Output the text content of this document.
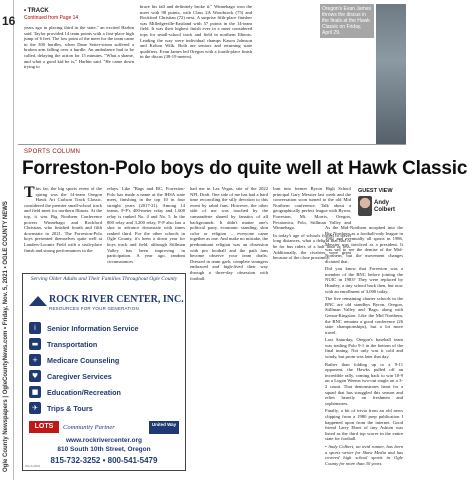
16
Ogle County Newspapers | OgleCountyNews.com • Friday, Nov. 5, 2021 • OGLE COUNTY NEWS
• TRACK
Continued from Page 14
years ago in placing third in the state," an excited Harbin said. Taylor provided 14 team points with a first-place high jump of 6 feet. The low point of the meet for the team came in the 300 hurdles, when Dane Setter-strom suffered a broken arm falling over a hurdle. An ambulance had to be called, delaying the action for 15 minutes. "What a shame, and what a good kid he is," Harbin said. "He came down trying to
brace his fall and definitely broke it." Winnebago won the meet with 98 points, with Class 2A Woodstock (75) and Rockford Christian (72) next. A surprise fifth-place finisher was Milledgeville-Eastland with 57 points in the 14-team field. It was their highest finish ever in a meet considered tops for small-school track and field in northern Illinois. Leading the way were individual champs Kason Johnson and Kolton Wilk. Both are seniors and returning state qualifiers. Evan James led Oregon with a fourth-place finish in the discus (38-19 meters).
Oregon's Evan James throws the discus in the finals at the Hawk Classic on Friday, April 29.
Carleen Hinkley / Shaw Media
SPORTS COLUMN
Forreston-Polo boys do quite well at Hawk Classic
This far, the big sports event of the spring was the 14-team Oregon Hawk Art Carlson Track Classic, considered the premier small-school track and field meet for northern Illinois. At the top, it was Big Northern Conference powers Winnebago and Rockford Christian, who finished fourth and fifth downstate in 2021. The Forreston-Polo boys presented themselves quite well at Landers-Loomis Field with a sixth-place finish and strong performances in the
relays. Like "Bags and BC, Forreston-Polo has made a name at the IHSA state meet, finishing in the top 10 in four straight years (2017-21). Among 14 teams, F-P's 400-meter relay and 1,600 relay is ranked No. 4 and No. 5. In the 800 relay and 3,200 relay, F-P also has a shot to advance downstate with times ranked third. For the other schools in Ogle County, it's been a down year for boys track and field, although Stillman Valley has been improving in participation. A year ago, random circumstances
had me in Las Vegas, site of the 2022 NFL Draft. One side of me has had a hard time reconciling the silly devotion to this event by rabid fans. However, the other side of me was touched by the camaraderie shared by fanatics of all backgrounds. It didn't matter one's political party, economic standing, skin color or religion – everyone came together as one. And make no mistake, the predominant religion was an obsession with pro football and the path fans become observe your team drafts. Dressed in team garb, complete strangers embraced and high-fived their way through a three-day obsession with football.

Iran into former Byron High School principal Gary Messier last week and the conversation soon turned to the old Mid Northern conference. Talk about a geographically perfect league with Byron, Forreston, Mt. Morris, Oregon, Pecatonica, Polo, Stillman Valley and Winnebago.

In today's age of schools forced to travel long distances, what a delight that had to be for bus riders of a half hour or less. Additionally, the rivalries were great because of the close proximity.

GUEST VIEW
Andy Colbert

As the Mid-Northern morphed into the Big Northern as a football-only league in 1981 and eventually all sports in 1986, Messier was involved as a president. It was sad to see the demise of the Mid-Northern, but the movement changes dictated that.

Did you know that Forreston was a member of the BNC before joining the NUIC in 1983? They were replaced by Huntley, a tiny school back then, but now with an enrollment of 3,000 today.

The five remaining charter schools in the BNC are old standbys Byron, Oregon, Stillman Valley and 'Bags, along with Genoa-Kingston. Like the Mid Northern, the BNC remains a good conference (26 state championships), but a lot more travel.

Last Saturday, Oregon's baseball team was trailing Polo 9-1 in the bottom of the final inning. Not only was it cold and windy, but prom was later that day.

Rather than folding up to a 9-11 opponent, the Hawks pulled off an incredible rally, coming back to win 10-9 on a Logan Weems two-out single on a 3-2 count. That demonstrates heart for a squad that has struggled this season and relies heavily on freshmen and sophomores.

Finally, a bit of trivia from an old news clipping from a 1980 prep publication I happened upon from the internet. Good friend Larry Ebert of tiny Ashton was listed as the third top scorer in the entire state for football.

• Andy Colbert, an avid runner, has been a sports writer for Shaw Media and has covered high school sports in Ogle County for more than 30 years.

Serving Older Adults and Their Families Throughout Ogle County
ROCK RIVER CENTER, INC.
RESOURCES FOR YOUR GENERATION
i	Senior Information Service
▬	Transportation
+	Medicare Counseling
♥	Caregiver Services
■	Education/Recreation
✈	Trips & Tours
LOTS	Community Partner	United Way
www.rockrivercenter.org
810 South 10th Street, Oregon
815-732-3252 • 800-541-5479
OG-A-0021
